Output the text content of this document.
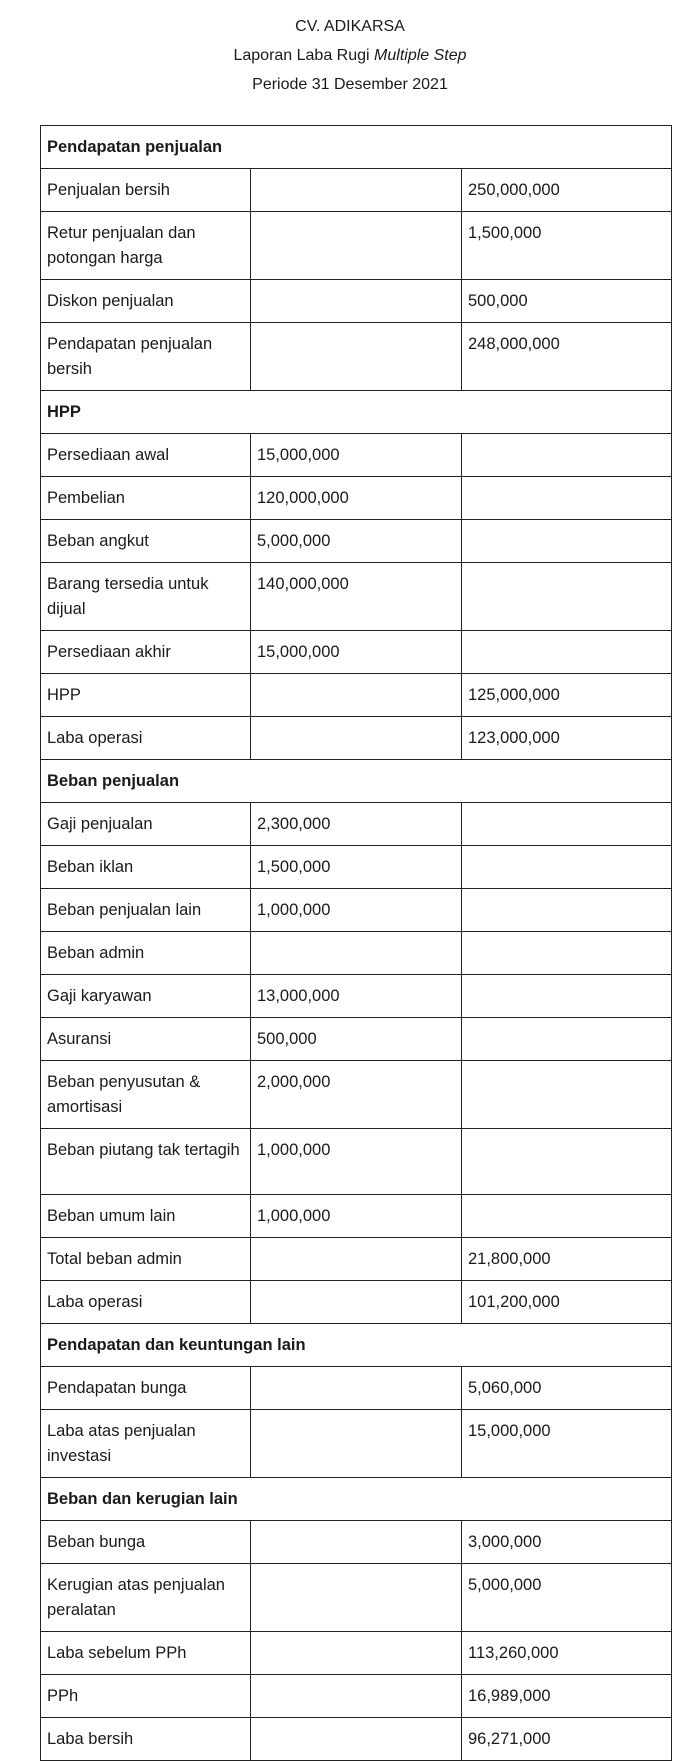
CV. ADIKARSA
Laporan Laba Rugi Multiple Step
Periode 31 Desember 2021
Pendapatan penjualan		
Penjualan bersih		250,000,000
Retur penjualan dan potongan harga		1,500,000
Diskon penjualan		500,000
Pendapatan penjualan bersih		248,000,000
HPP		
Persediaan awal	15,000,000	
Pembelian	120,000,000	
Beban angkut	5,000,000	
Barang tersedia untuk dijual	140,000,000	
Persediaan akhir	15,000,000	
HPP		125,000,000
Laba operasi		123,000,000
Beban penjualan		
Gaji penjualan	2,300,000	
Beban iklan	1,500,000	
Beban penjualan lain	1,000,000	
Beban admin		
Gaji karyawan	13,000,000	
Asuransi	500,000	
Beban penyusutan & amortisasi	2,000,000	
Beban piutang tak tertagih	1,000,000	
Beban umum lain	1,000,000	
Total beban admin		21,800,000
Laba operasi		101,200,000
Pendapatan dan keuntungan lain		
Pendapatan bunga		5,060,000
Laba atas penjualan investasi		15,000,000
Beban dan kerugian lain		
Beban bunga		3,000,000
Kerugian atas penjualan peralatan		5,000,000
Laba sebelum PPh		113,260,000
PPh		16,989,000
Laba bersih		96,271,000
